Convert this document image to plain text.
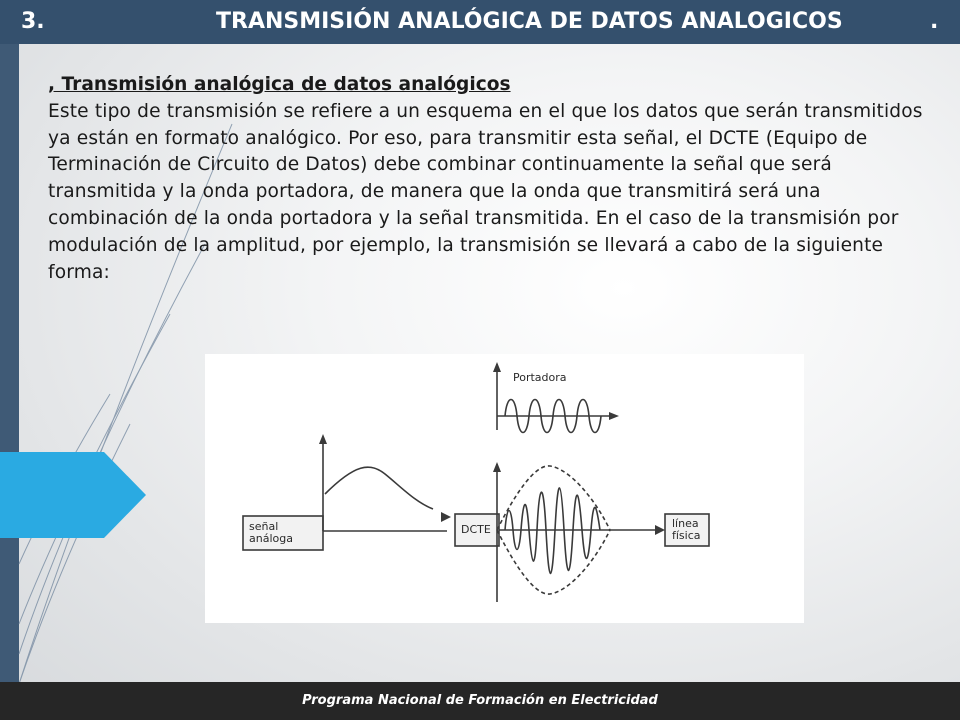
3.	TRANSMISIÓN ANALÓGICA DE DATOS ANALOGICOS	.
, Transmisión analógica de datos analógicos
Este tipo de transmisión se refiere a un esquema en el que los datos que serán transmitidos ya están en formato analógico. Por eso, para transmitir esta señal, el DCTE (Equipo de Terminación de Circuito de Datos) debe combinar continuamente la señal que será transmitida y la onda portadora, de manera que la onda que transmitirá será una combinación de la onda portadora y la señal transmitida. En el caso de la transmisión por modulación de la amplitud, por ejemplo, la transmisión se llevará a cabo de la siguiente forma:
señal
análoga
Portadora
DCTE	línea
física
Programa Nacional de Formación en Electricidad
